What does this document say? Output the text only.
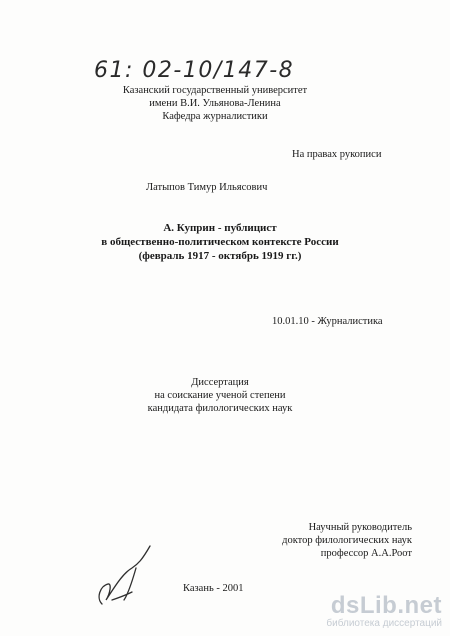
61: 02-10/147-8
Казанский государственный университет
имени В.И. Ульянова-Ленина
Кафедра журналистики
На правах рукописи
Латыпов Тимур Ильясович
А. Куприн - публицист
в общественно-политическом контексте России
(февраль 1917 - октябрь 1919 гг.)
10.01.10 - Журналистика
Диссертация
на соискание ученой степени
кандидата филологических наук
Научный руководитель
доктор филологических наук
профессор А.А.Роот
Казань - 2001
dsLib.net
библиотека диссертаций
